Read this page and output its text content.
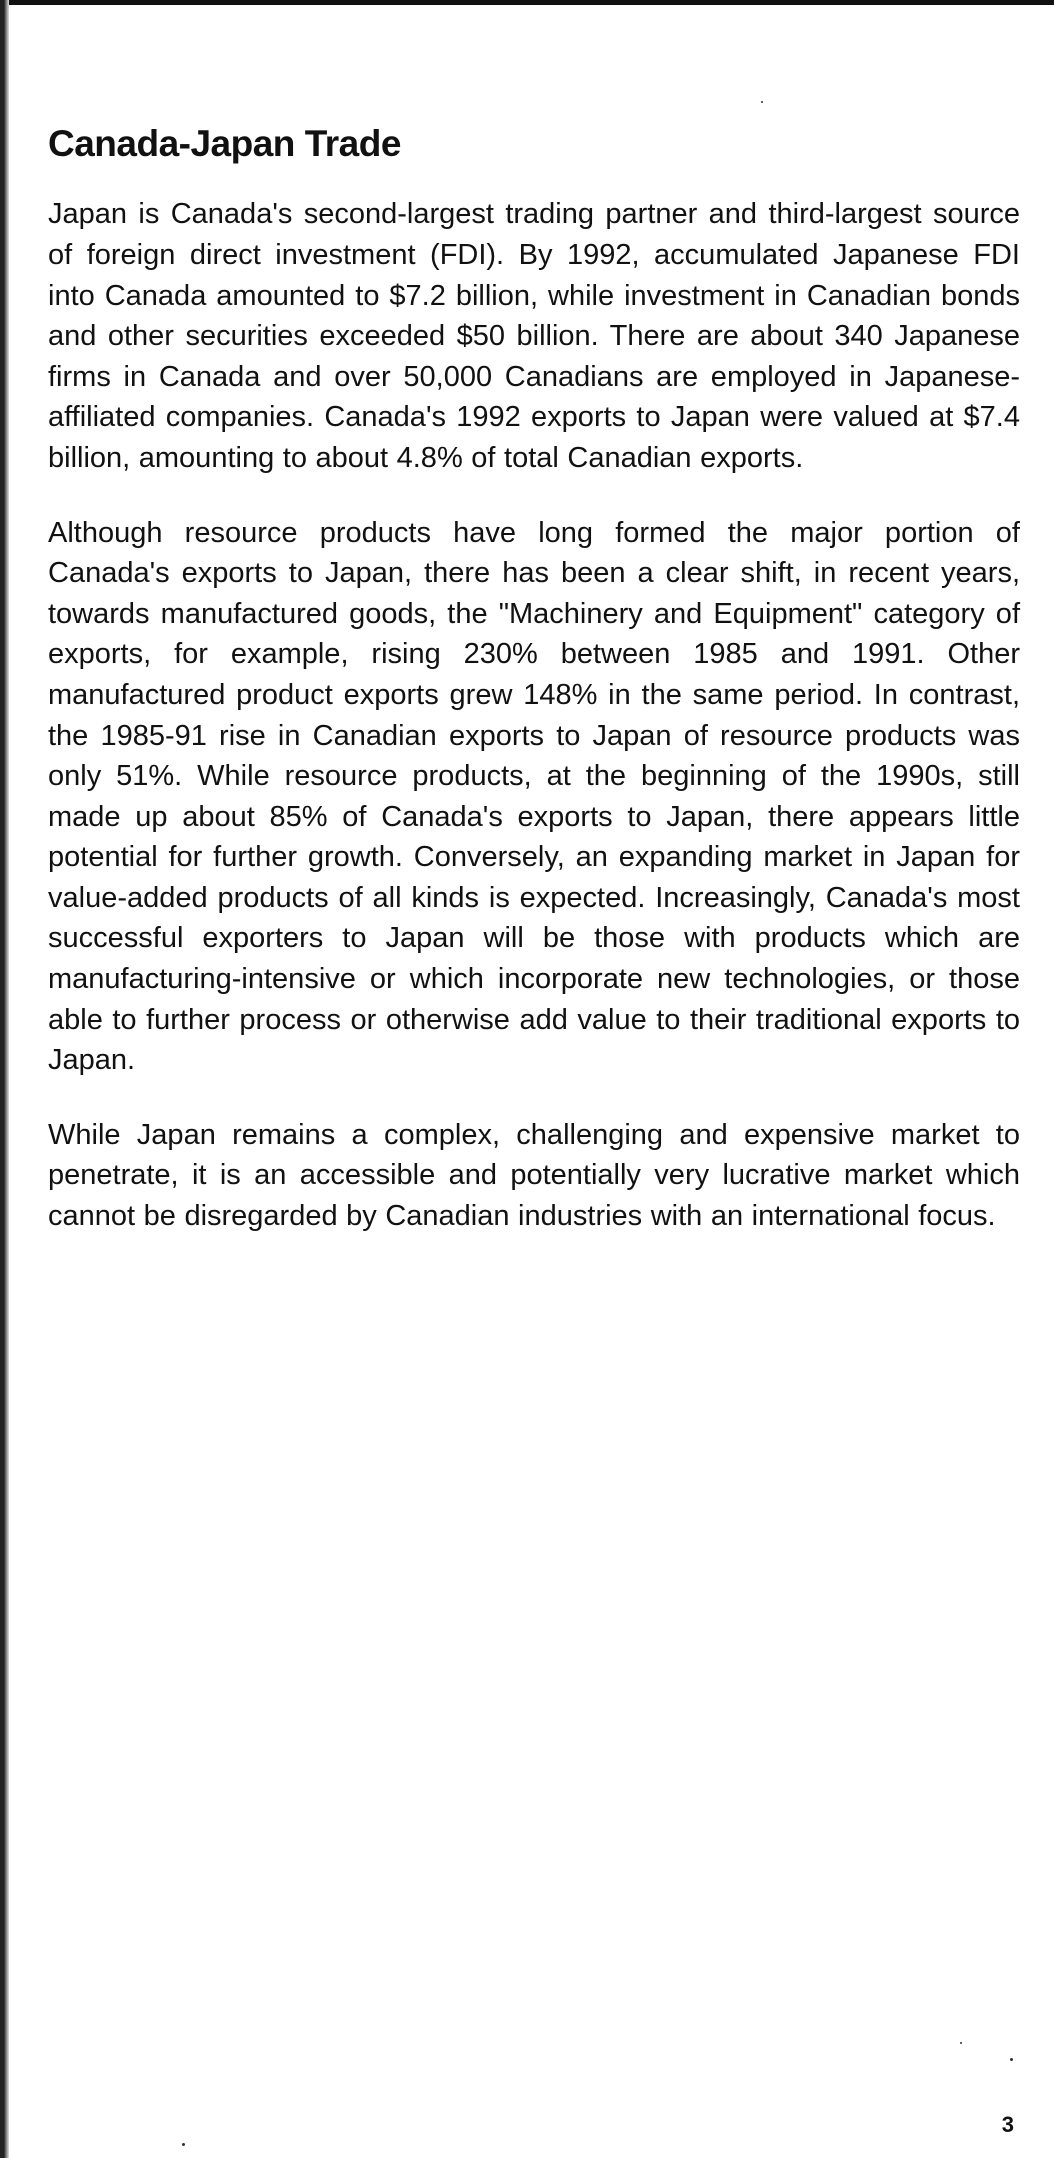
Canada-Japan Trade

Japan is Canada's second-largest trading partner and third-largest source of foreign direct investment (FDI). By 1992, accumulated Japanese FDI into Canada amounted to $7.2 billion, while investment in Canadian bonds and other securities exceeded $50 billion. There are about 340 Japanese firms in Canada and over 50,000 Canadians are employed in Japanese-affiliated companies. Canada's 1992 exports to Japan were valued at $7.4 billion, amounting to about 4.8% of total Canadian exports.

Although resource products have long formed the major portion of Canada's exports to Japan, there has been a clear shift, in recent years, towards manufactured goods, the "Machinery and Equipment" category of exports, for example, rising 230% between 1985 and 1991. Other manufactured product exports grew 148% in the same period. In contrast, the 1985-91 rise in Canadian exports to Japan of resource products was only 51%. While resource products, at the beginning of the 1990s, still made up about 85% of Canada's exports to Japan, there appears little potential for further growth. Conversely, an expanding market in Japan for value-added products of all kinds is expected. Increasingly, Canada's most successful exporters to Japan will be those with products which are manufacturing-intensive or which incorporate new technologies, or those able to further process or otherwise add value to their traditional exports to Japan.

While Japan remains a complex, challenging and expensive market to penetrate, it is an accessible and potentially very lucrative market which cannot be disregarded by Canadian industries with an international focus.

3
